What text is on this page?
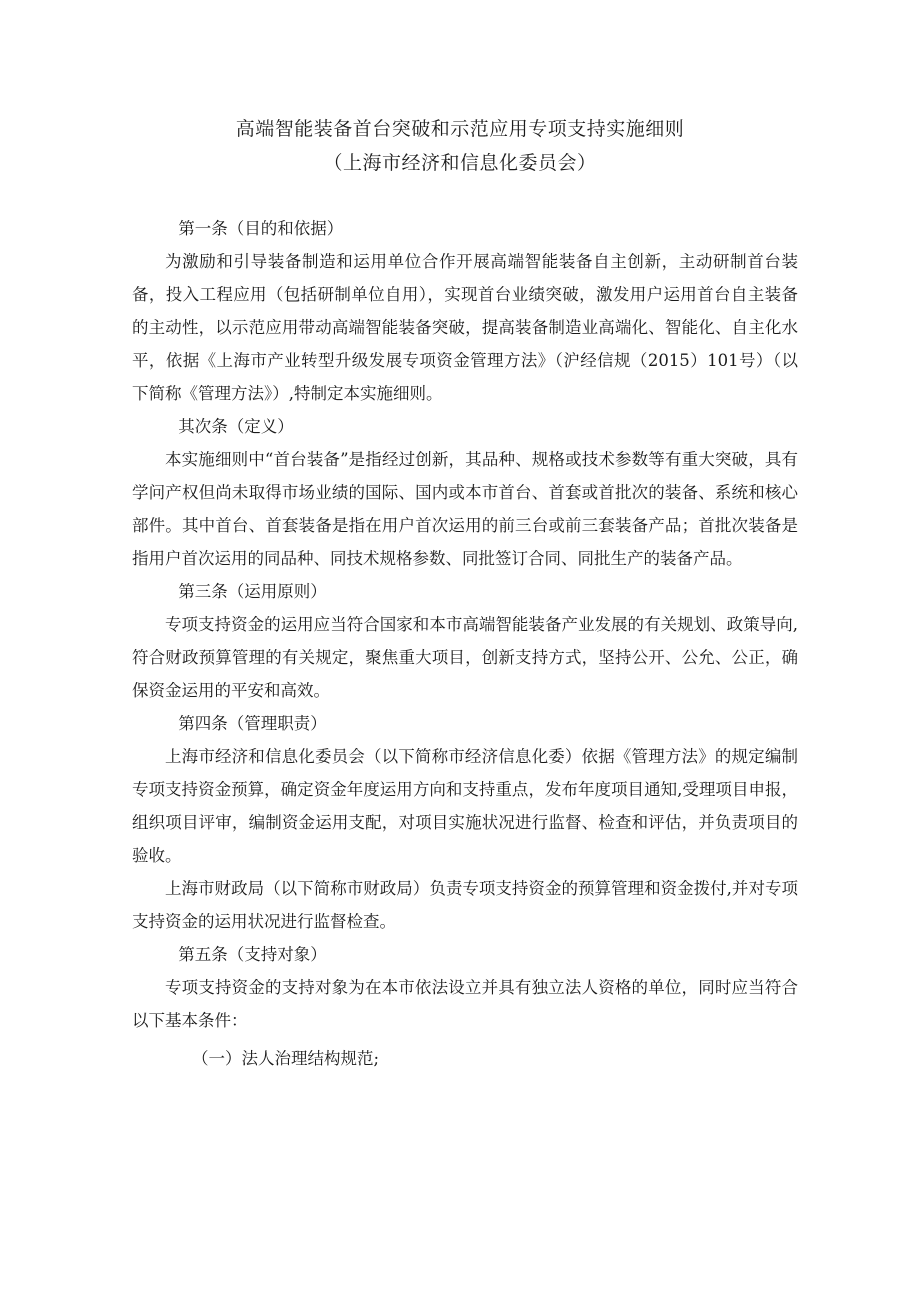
高端智能装备首台突破和示范应用专项支持实施细则
（上海市经济和信息化委员会）

第一条（目的和依据）

为激励和引导装备制造和运用单位合作开展高端智能装备自主创新，主动研制首台装备，投入工程应用（包括研制单位自用），实现首台业绩突破，激发用户运用首台自主装备的主动性，以示范应用带动高端智能装备突破，提高装备制造业高端化、智能化、自主化水平，依据《上海市产业转型升级发展专项资金管理方法》（沪经信规（2015）101号）（以下简称《管理方法》）,特制定本实施细则。

其次条（定义）

本实施细则中“首台装备”是指经过创新，其品种、规格或技术参数等有重大突破，具有学问产权但尚未取得市场业绩的国际、国内或本市首台、首套或首批次的装备、系统和核心部件。其中首台、首套装备是指在用户首次运用的前三台或前三套装备产品；首批次装备是指用户首次运用的同品种、同技术规格参数、同批签订合同、同批生产的装备产品。

第三条（运用原则）

专项支持资金的运用应当符合国家和本市高端智能装备产业发展的有关规划、政策导向,符合财政预算管理的有关规定，聚焦重大项目，创新支持方式，坚持公开、公允、公正，确保资金运用的平安和高效。

第四条（管理职责）

上海市经济和信息化委员会（以下简称市经济信息化委）依据《管理方法》的规定编制专项支持资金预算，确定资金年度运用方向和支持重点，发布年度项目通知,受理项目申报，组织项目评审，编制资金运用支配，对项目实施状况进行监督、检查和评估，并负责项目的验收。

上海市财政局（以下简称市财政局）负责专项支持资金的预算管理和资金拨付,并对专项支持资金的运用状况进行监督检查。

第五条（支持对象）

专项支持资金的支持对象为在本市依法设立并具有独立法人资格的单位，同时应当符合以下基本条件：

（一）法人治理结构规范;
